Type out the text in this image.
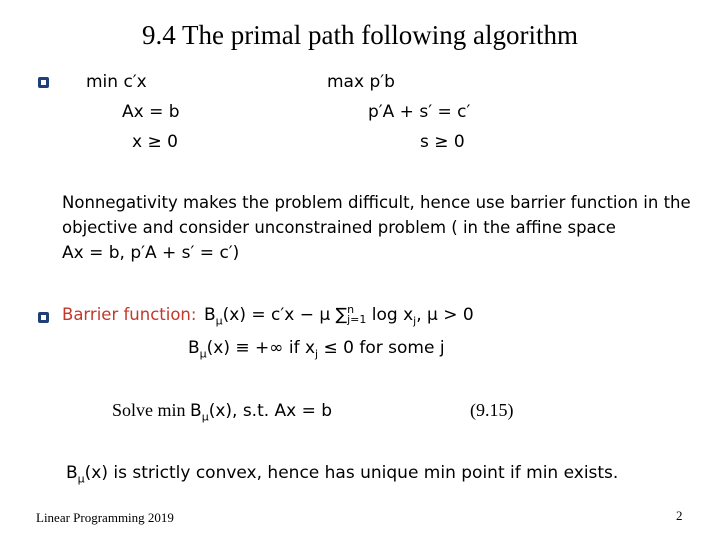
9.4 The primal path following algorithm
min c′x
Ax = b
x ≥ 0
max p′b
p′A + s′ = c′
s ≥ 0
Nonnegativity makes the problem difficult, hence use barrier function in the
objective and consider unconstrained problem ( in the affine space
Ax = b, p′A + s′ = c′)
Barrier function: $B_\mu(x) = c'x - \mu$ ∑ n
j=1 $\log x_j$, μ > 0
$B_\mu(x)$ ≡ +∞ if $x_j \le 0$ for some j
Solve $\min B_\mu(x)$, s.t. Ax = b	(9.15)
$B_\mu(x)$ is strictly convex, hence has unique min point if min exists.
Linear Programming 2019	2
